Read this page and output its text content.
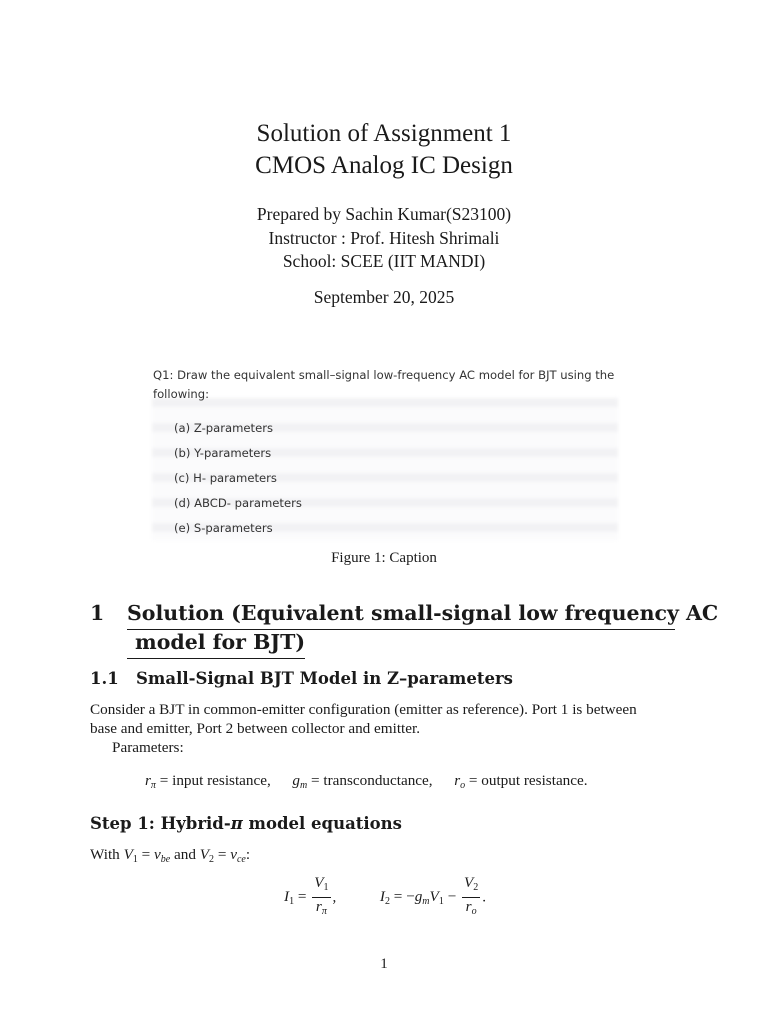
Solution of Assignment 1
CMOS Analog IC Design
Prepared by Sachin Kumar(S23100)
Instructor : Prof. Hitesh Shrimali
School: SCEE (IIT MANDI)
September 20, 2025
Q1: Draw the equivalent small–signal low-frequency AC model for BJT using the following:
(a) Z-parameters
(b) Y-parameters
(c) H- parameters
(d) ABCD- parameters
(e) S-parameters
Figure 1: Caption
1 Solution (Equivalent small-signal low frequency AC
model for BJT)
1.1 Small-Signal BJT Model in Z–parameters
Consider a BJT in common-emitter configuration (emitter as reference). Port 1 is between
base and emitter, Port 2 between collector and emitter.
Parameters:
$r_\pi$ = input resistance, $g_m$ = transconductance, $r_o$ = output resistance.
Step 1: Hybrid-π model equations
With $V_1 = v_{be}$ and $V_2 = v_{ce}$:
$I_1 = \frac{V_1}{r_\pi}$ ,	$I_2 = -g_mV_1 - \frac{V_2}{r_o}$ .
1
